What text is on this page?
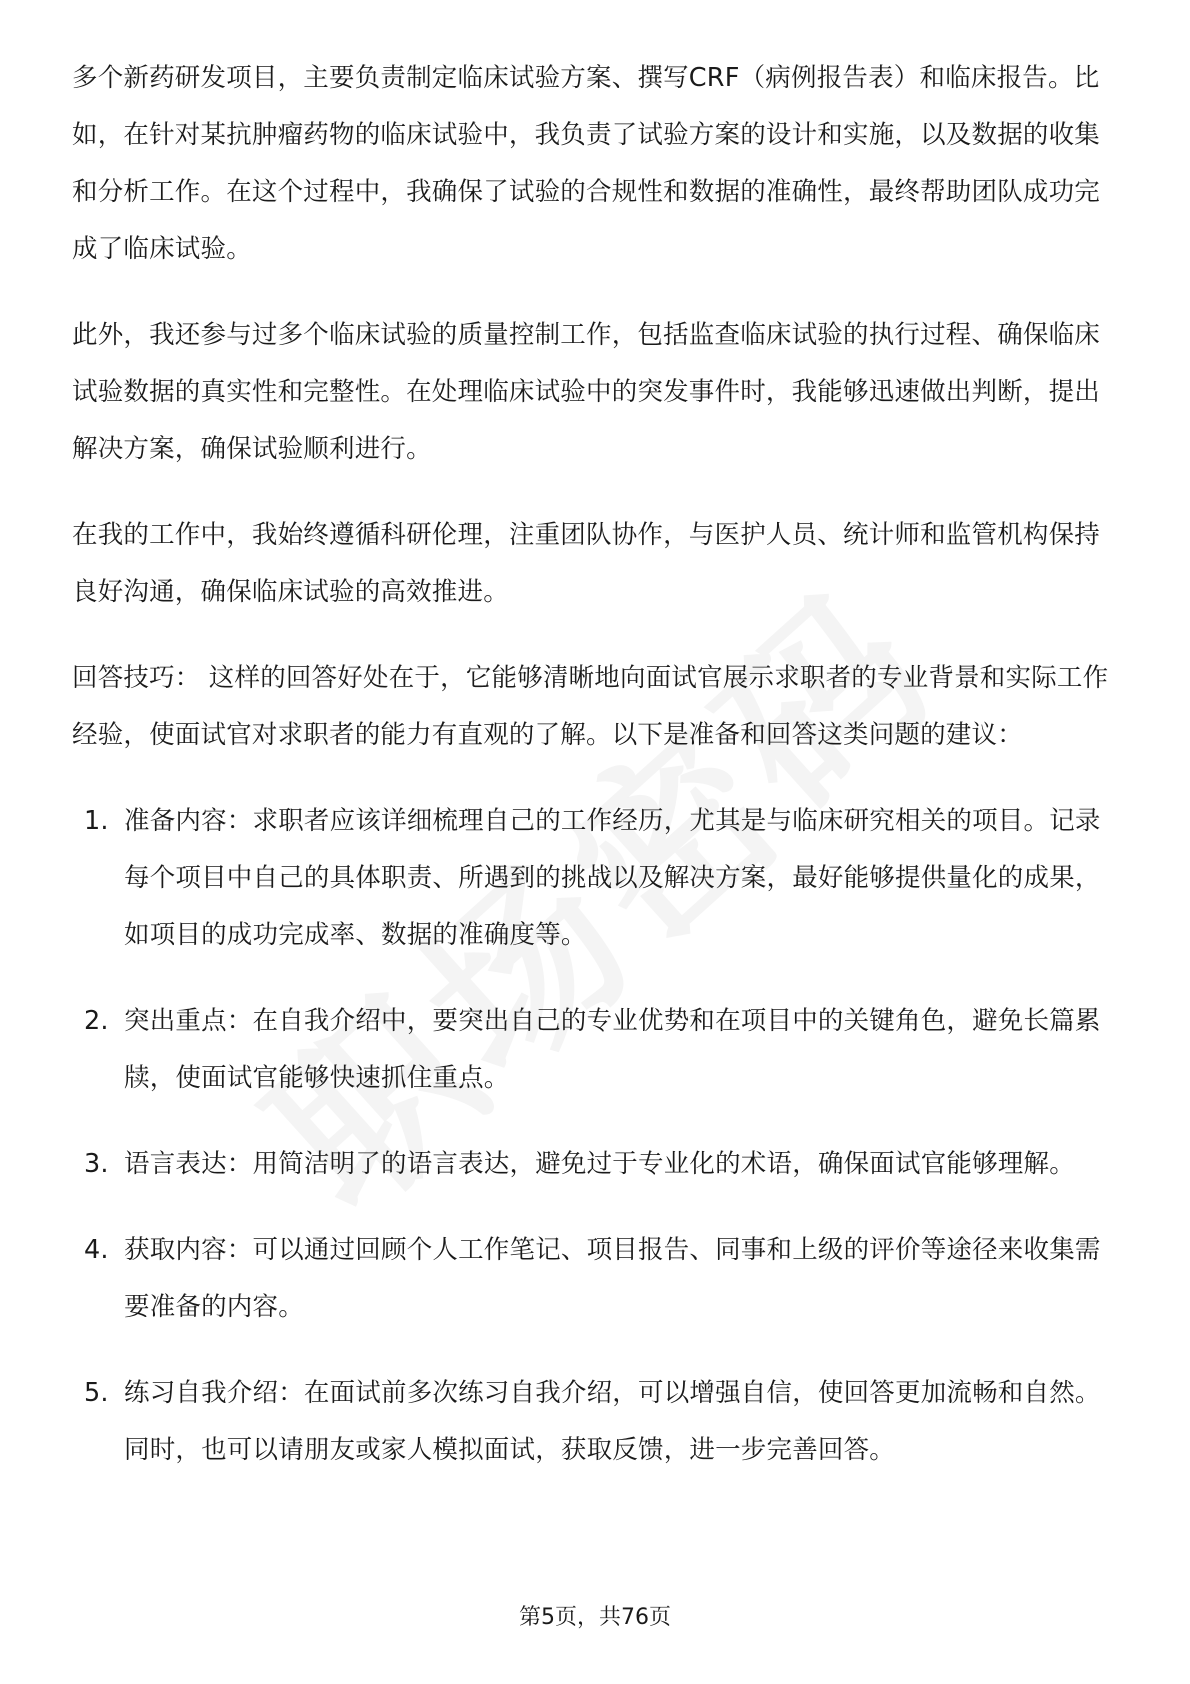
多个新药研发项目，主要负责制定临床试验方案、撰写CRF（病例报告表）和临床报告。比如，在针对某抗肿瘤药物的临床试验中，我负责了试验方案的设计和实施，以及数据的收集和分析工作。在这个过程中，我确保了试验的合规性和数据的准确性，最终帮助团队成功完成了临床试验。

此外，我还参与过多个临床试验的质量控制工作，包括监查临床试验的执行过程、确保临床试验数据的真实性和完整性。在处理临床试验中的突发事件时，我能够迅速做出判断，提出解决方案，确保试验顺利进行。

在我的工作中，我始终遵循科研伦理，注重团队协作，与医护人员、统计师和监管机构保持良好沟通，确保临床试验的高效推进。

回答技巧： 这样的回答好处在于，它能够清晰地向面试官展示求职者的专业背景和实际工作经验，使面试官对求职者的能力有直观的了解。以下是准备和回答这类问题的建议：

1. 准备内容：求职者应该详细梳理自己的工作经历，尤其是与临床研究相关的项目。记录每个项目中自己的具体职责、所遇到的挑战以及解决方案，最好能够提供量化的成果，如项目的成功完成率、数据的准确度等。
2. 突出重点：在自我介绍中，要突出自己的专业优势和在项目中的关键角色，避免长篇累牍，使面试官能够快速抓住重点。
3. 语言表达：用简洁明了的语言表达，避免过于专业化的术语，确保面试官能够理解。
4. 获取内容：可以通过回顾个人工作笔记、项目报告、同事和上级的评价等途径来收集需要准备的内容。
5. 练习自我介绍：在面试前多次练习自我介绍，可以增强自信，使回答更加流畅和自然。同时，也可以请朋友或家人模拟面试，获取反馈，进一步完善回答。
第5页，共76页
